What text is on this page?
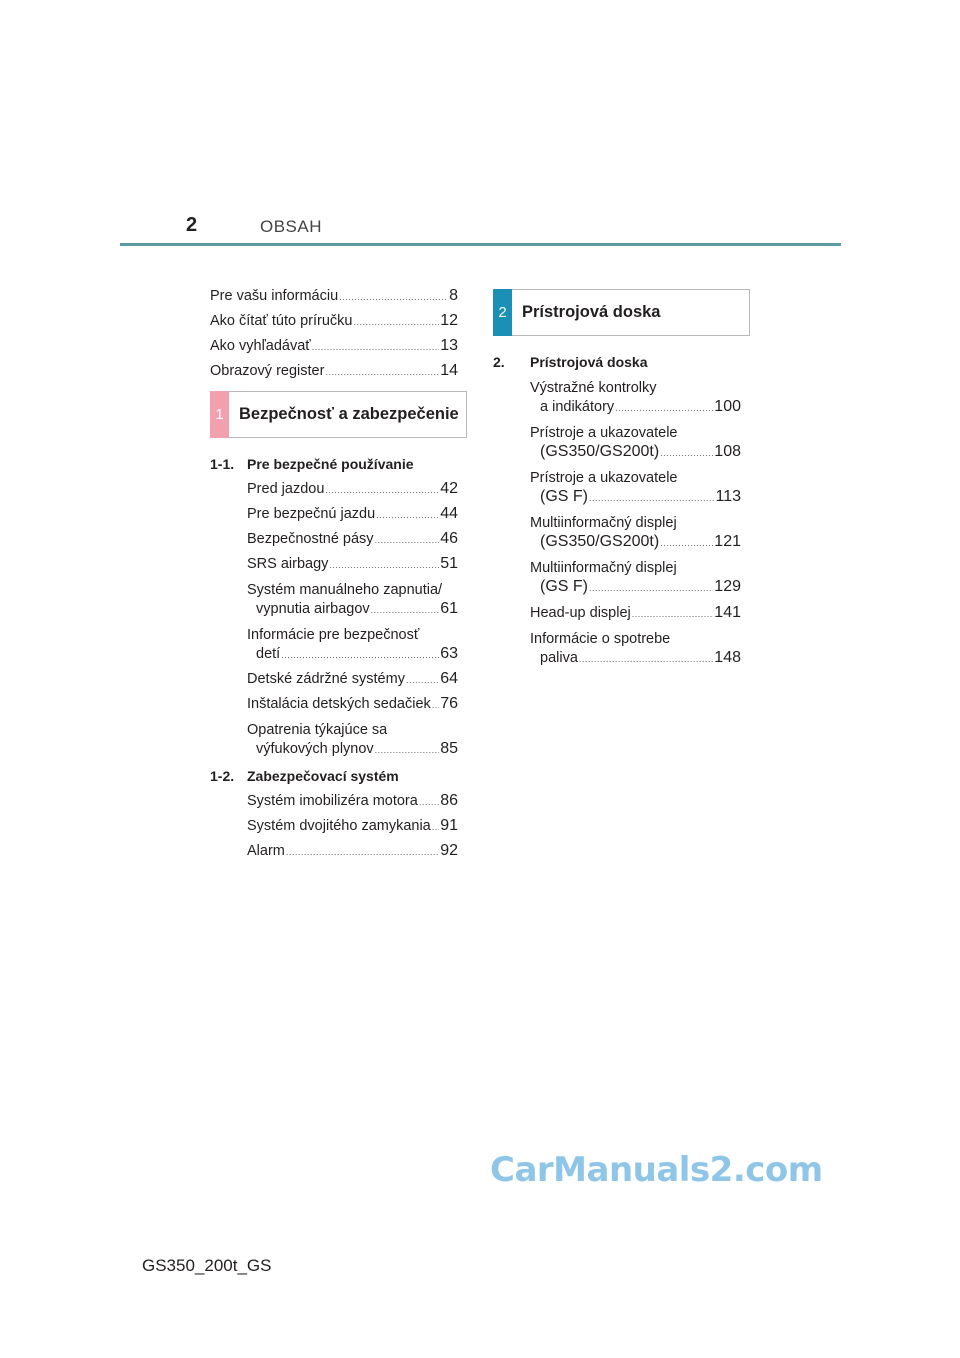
2	OBSAH
Pre vašu informáciu .....	8
Ako čítať túto príručku .....	12
Ako vyhľadávať .....	13
Obrazový register .....	14
1 Bezpečnosť a zabezpečenie
1-1. Pre bezpečné používanie
Pred jazdou .....	42
Pre bezpečnú jazdu .....	44
Bezpečnostné pásy .....	46
SRS airbagy .....	51
Systém manuálneho zapnutia/
vypnutia airbagov .....	61
Informácie pre bezpečnosť
detí .....	63
Detské zádržné systémy ..... 64
Inštalácia detských sedačiek ..... 76
Opatrenia týkajúce sa
výfukových plynov .....	85
1-2. Zabezpečovací systém
Systém imobilizéra motora ..... 86
Systém dvojitého zamykania ..... 91
Alarm .....	92
2 Prístrojová doska
2. Prístrojová doska
Výstražné kontrolky
a indikátory .....	100
Prístroje a ukazovatele
(GS350/GS200t) .....	108
Prístroje a ukazovatele
(GS F) .....	113
Multiinformačný displej
(GS350/GS200t) .....	121
Multiinformačný displej
(GS F) .....	129
Head-up displej .....	141
Informácie o spotrebe
paliva .....	148
CarManuals2.com
GS350_200t_GS
